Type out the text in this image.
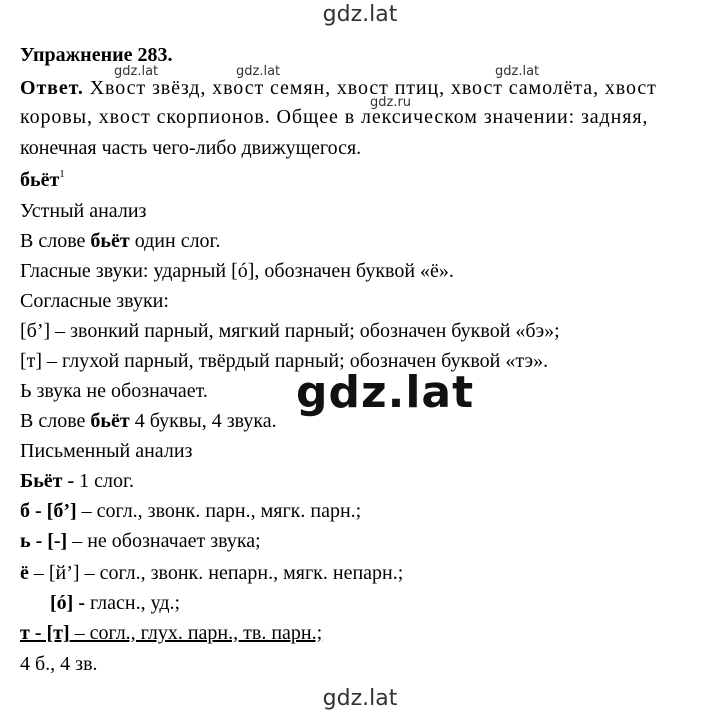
gdz.lat
gdz.lat	gdz.lat	gdz.lat
gdz.ru
Упражнение 283.
Ответ. Хвост звёзд, хвост семян, хвост птиц, хвост самолёта, хвост
коровы, хвост скорпионов. Общее в лексическом значении: задняя,
конечная часть чего-либо движущегося.
бьёт$^1$
Устный анализ
В слове бьёт один слог.
Гласные звуки: ударный [ó], обозначен буквой «ё».
Согласные звуки:
[б’] – звонкий парный, мягкий парный; обозначен буквой «бэ»;
[т] – глухой парный, твёрдый парный; обозначен буквой «тэ».
Ь звука не обозначает.
В слове бьёт 4 буквы, 4 звука.
gdz.lat
Письменный анализ
Бьёт - 1 слог.
б - [б’] – согл., звонк. парн., мягк. парн.;
ь - [-] – не обозначает звука;
ё – [й’] – согл., звонк. непарн., мягк. непарн.;
[ó] - гласн., уд.;
т - [т] – согл., глух. парн., тв. парн.;
4 б., 4 зв.
gdz.lat
